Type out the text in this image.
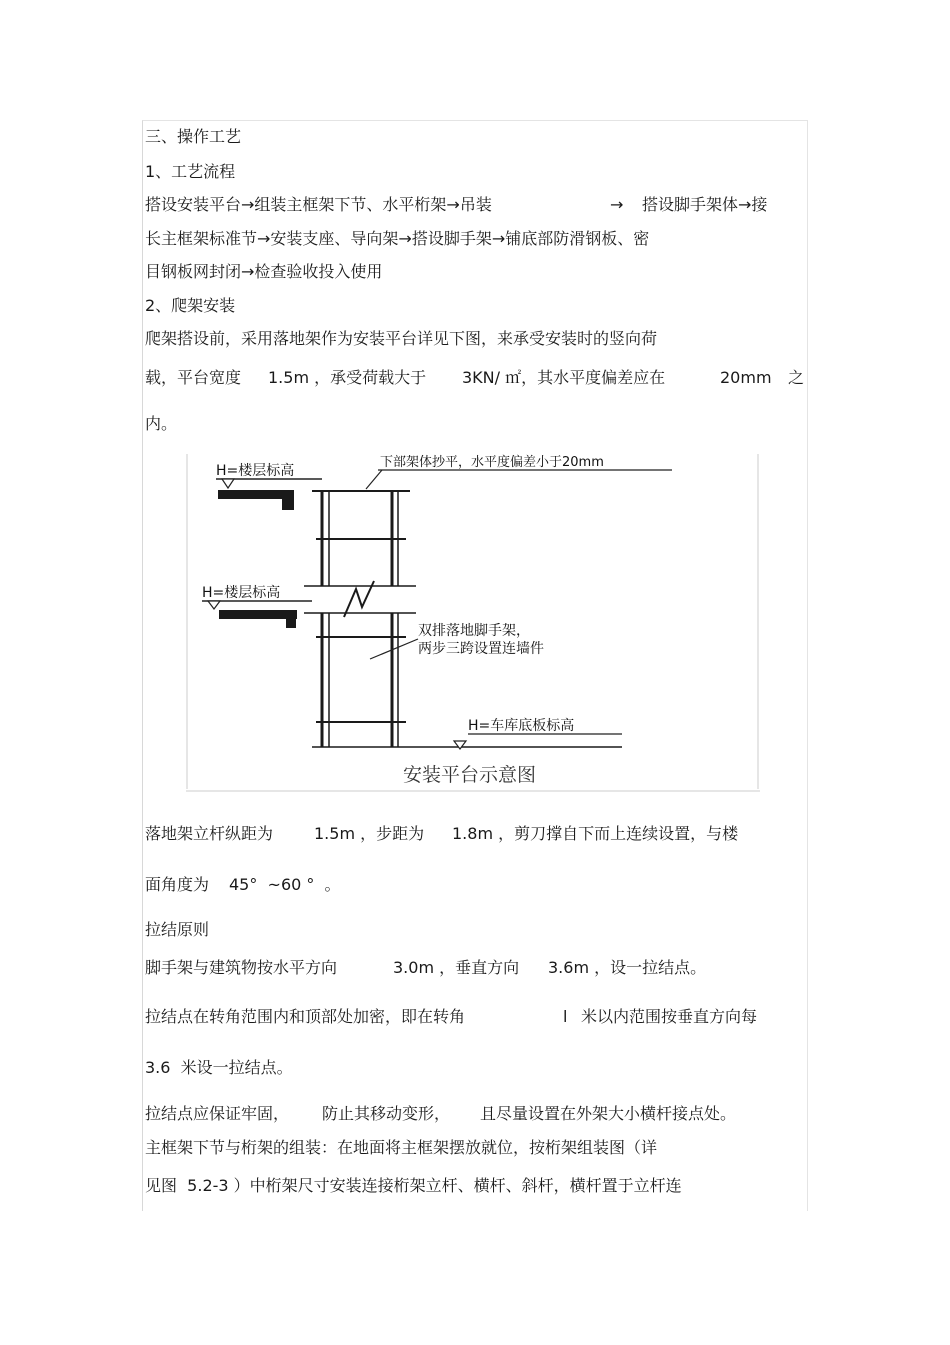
三、操作工艺
1、工艺流程
搭设安装平台→组装主框架下节、水平桁架→吊装	→ 搭设脚手架体→接
长主框架标准节→安装支座、导向架→搭设脚手架→铺底部防滑钢板、密
目钢板网封闭→检查验收投入使用
2、爬架安装
爬架搭设前，采用落地架作为安装平台详见下图，来承受安装时的竖向荷
载，平台宽度 1.5m ，承受荷载大于 3KN/ ㎡，其水平度偏差应在	20mm 之
内。
H=楼层标高
下部架体抄平，水平度偏差小于20mm
H=楼层标高
双排落地脚手架，
两步三跨设置连墙件
H=车库底板标高
安装平台示意图
落地架立杆纵距为	1.5m ，步距为 1.8m ，剪刀撑自下而上连续设置，与楼
面角度为 45°  ~60 °  。
拉结原则
脚手架与建筑物按水平方向	3.0m ，垂直方向 3.6m ，设一拉结点。
拉结点在转角范围内和顶部处加密，即在转角	l 米以内范围按垂直方向每
3.6  米设一拉结点。
拉结点应保证牢固， 防止其移动变形， 且尽量设置在外架大小横杆接点处。
主框架下节与桁架的组装：在地面将主框架摆放就位，按桁架组装图（详
见图  5.2-3 ）中桁架尺寸安装连接桁架立杆、横杆、斜杆，横杆置于立杆连
